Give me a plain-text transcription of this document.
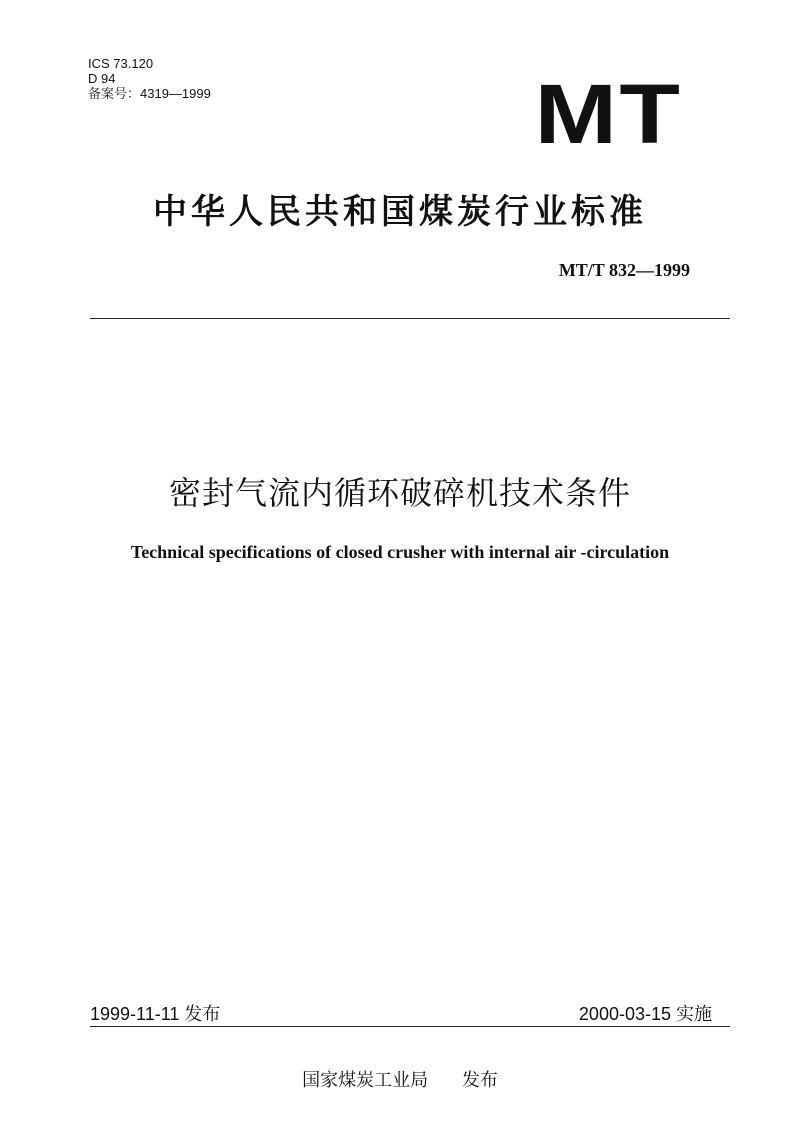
ICS 73.120
D 94
备案号：4319—1999	MT
中华人民共和国煤炭行业标准
MT/T 832—1999
密封气流内循环破碎机技术条件
Technical specifications of closed crusher with internal air -circulation
1999-11-11 发布	2000-03-15 实施
国家煤炭工业局 发布
